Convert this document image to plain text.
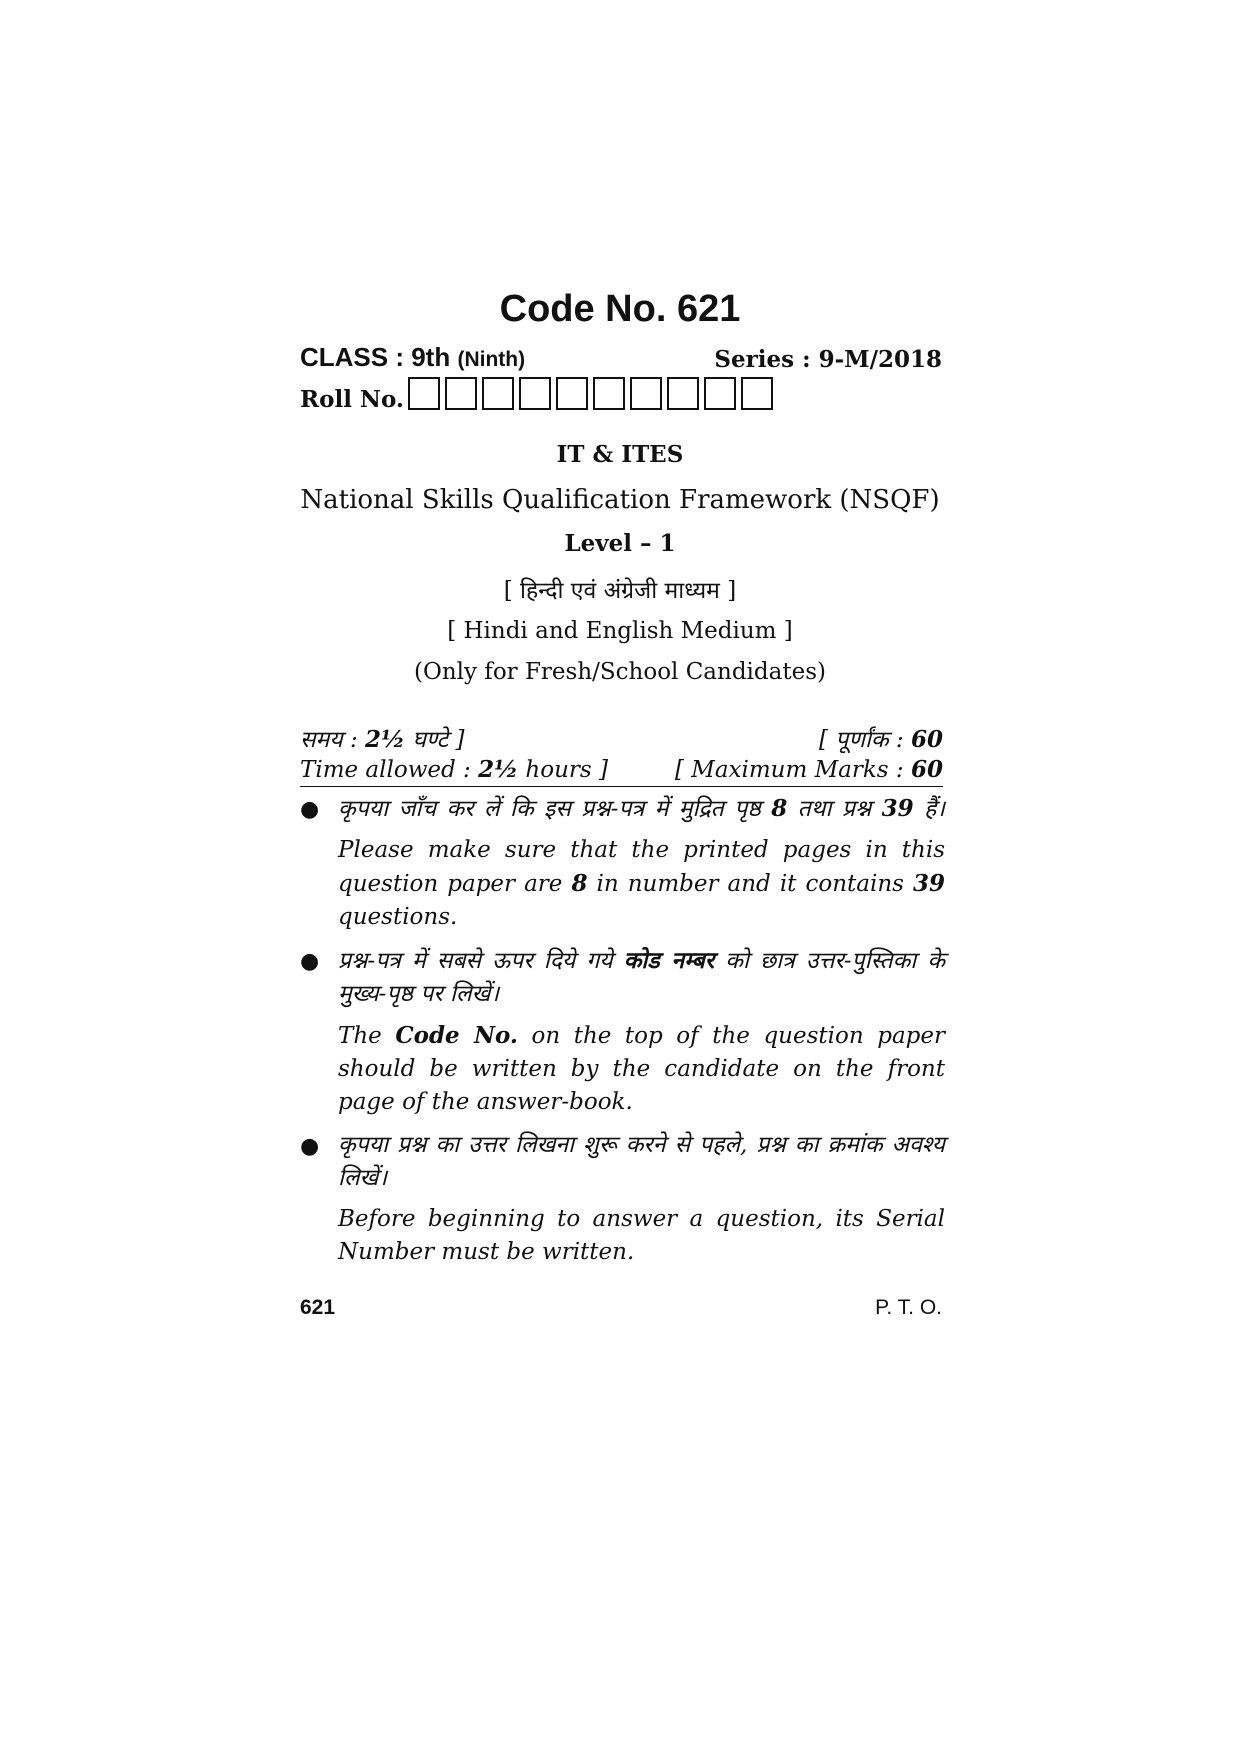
Code No. 621
CLASS : 9th (Ninth)	Series : 9-M/2018
Roll No.
IT & ITES
National Skills Qualification Framework (NSQF)
Level – 1
[ हिन्दी एवं अंग्रेजी माध्यम ]
[ Hindi and English Medium ]
(Only for Fresh/School Candidates)
समय : 2½ घण्टे ]	[ पूर्णांक : 60
Time allowed : 2½ hours ]	[ Maximum Marks : 60
● कृपया जाँच कर लें कि इस प्रश्न-पत्र में मुद्रित पृष्ठ 8 तथा प्रश्न 39 हैं।

Please make sure that the printed pages in this question paper are 8 in number and it contains 39 questions.

● प्रश्न-पत्र में सबसे ऊपर दिये गये कोड नम्बर को छात्र उत्तर-पुस्तिका के मुख्य-पृष्ठ पर लिखें।

The Code No. on the top of the question paper should be written by the candidate on the front page of the answer-book.

● कृपया प्रश्न का उत्तर लिखना शुरू करने से पहले, प्रश्न का क्रमांक अवश्य लिखें।

Before beginning to answer a question, its Serial Number must be written.

621	P. T. O.
